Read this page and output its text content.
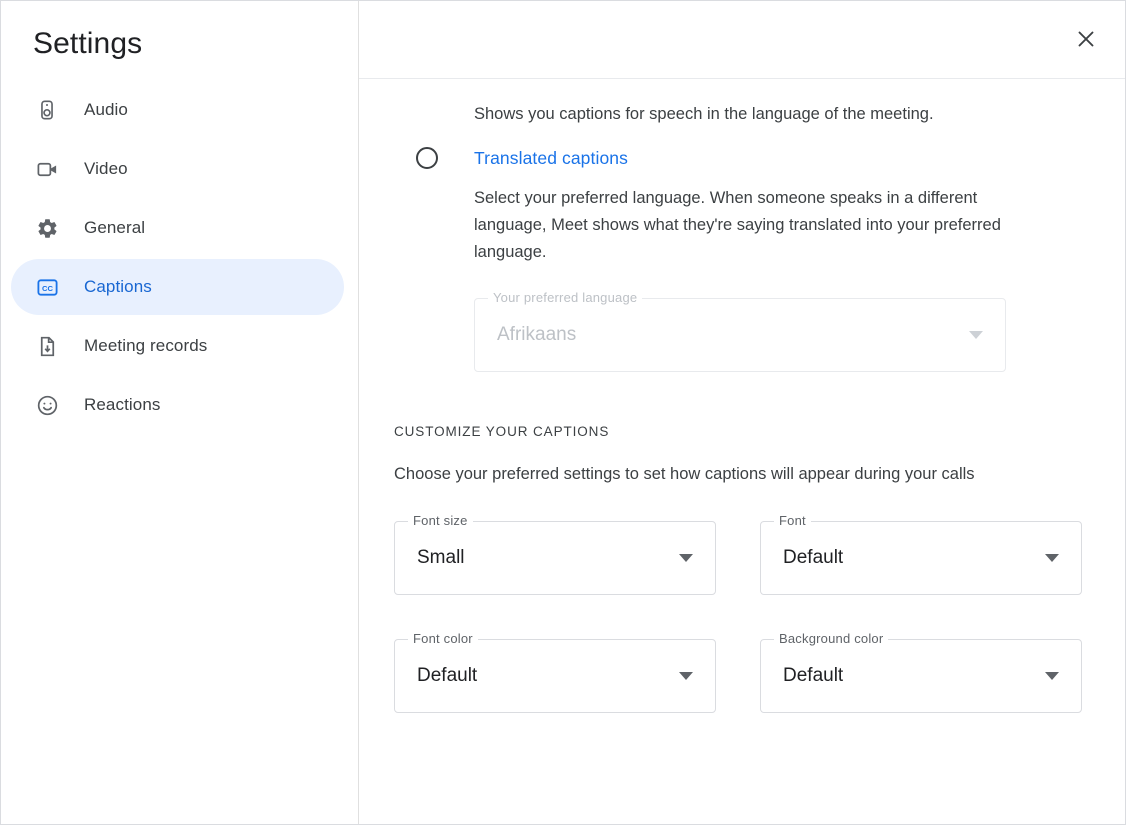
Settings
Audio
Video
General
CC Captions
Meeting records
Reactions
Shows you captions for speech in the language of the meeting.
Translated captions
Select your preferred language. When someone speaks in a different language, Meet shows what they're saying translated into your preferred language.
Your preferred language
Afrikaans
CUSTOMIZE YOUR CAPTIONS
Choose your preferred settings to set how captions will appear during your calls
Font size
Small
Font
Default
Font color
Default
Background color
Default
